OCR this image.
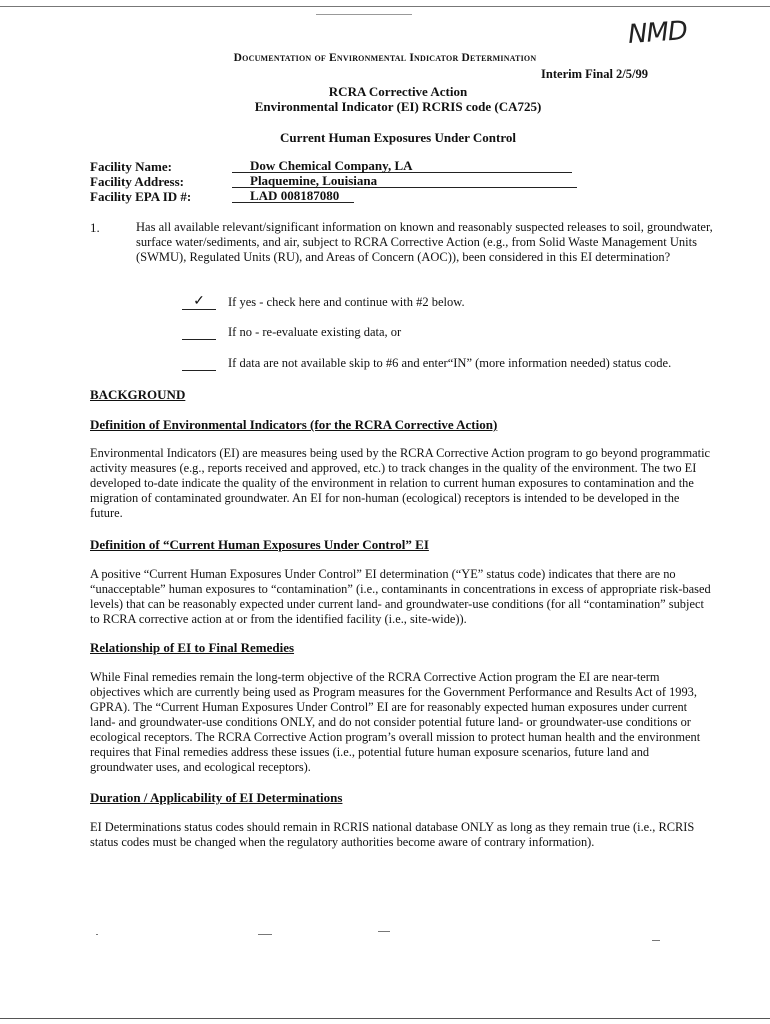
NMD
Documentation of Environmental Indicator Determination
Interim Final 2/5/99
RCRA Corrective Action
Environmental Indicator (EI) RCRIS code (CA725)
Current Human Exposures Under Control
Facility Name:	Dow Chemical Company, LA
Facility Address:	Plaquemine, Louisiana
Facility EPA ID #:	LAD 008187080
1.	Has all available relevant/significant information on known and reasonably suspected releases to soil, groundwater, surface water/sediments, and air, subject to RCRA Corrective Action (e.g., from Solid Waste Management Units (SWMU), Regulated Units (RU), and Areas of Concern (AOC)), been considered in this EI determination?
✓ If yes - check here and continue with #2 below.
If no - re-evaluate existing data, or
If data are not available skip to #6 and enter“IN” (more information needed) status code.
BACKGROUND
Definition of Environmental Indicators (for the RCRA Corrective Action)
Environmental Indicators (EI) are measures being used by the RCRA Corrective Action program to go beyond programmatic activity measures (e.g., reports received and approved, etc.) to track changes in the quality of the environment. The two EI developed to-date indicate the quality of the environment in relation to current human exposures to contamination and the migration of contaminated groundwater. An EI for non-human (ecological) receptors is intended to be developed in the future.
Definition of “Current Human Exposures Under Control” EI
A positive “Current Human Exposures Under Control” EI determination (“YE” status code) indicates that there are no “unacceptable” human exposures to “contamination” (i.e., contaminants in concentrations in excess of appropriate risk-based levels) that can be reasonably expected under current land- and groundwater-use conditions (for all “contamination” subject to RCRA corrective action at or from the identified facility (i.e., site-wide)).
Relationship of EI to Final Remedies
While Final remedies remain the long-term objective of the RCRA Corrective Action program the EI are near-term objectives which are currently being used as Program measures for the Government Performance and Results Act of 1993, GPRA). The “Current Human Exposures Under Control” EI are for reasonably expected human exposures under current land- and groundwater-use conditions ONLY, and do not consider potential future land- or groundwater-use conditions or ecological receptors. The RCRA Corrective Action program’s overall mission to protect human health and the environment requires that Final remedies address these issues (i.e., potential future human exposure scenarios, future land and groundwater uses, and ecological receptors).
Duration / Applicability of EI Determinations
EI Determinations status codes should remain in RCRIS national database ONLY as long as they remain true (i.e., RCRIS status codes must be changed when the regulatory authorities become aware of contrary information).
